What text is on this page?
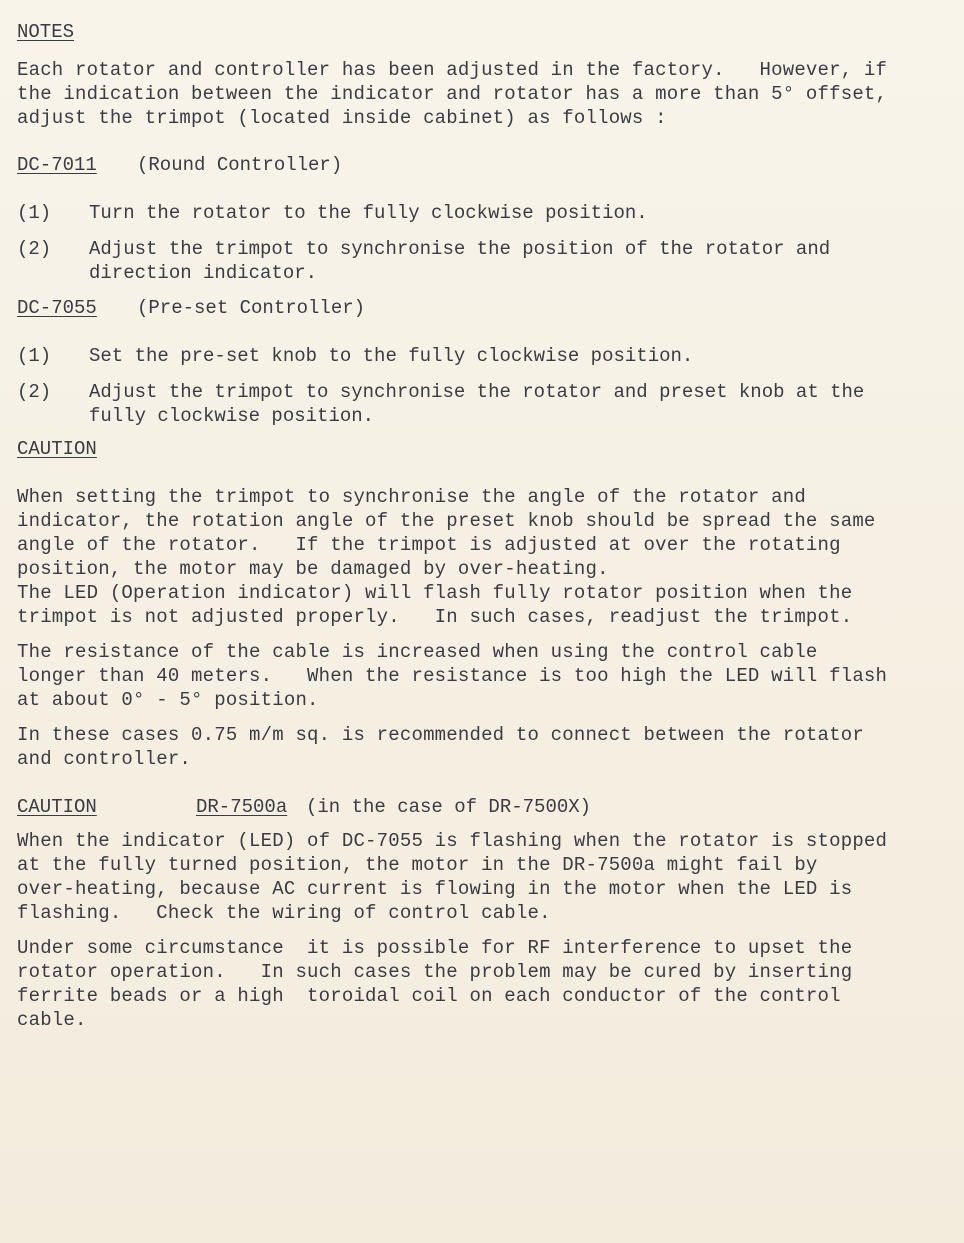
NOTES

Each rotator and controller has been adjusted in the factory.   However, if
the indication between the indicator and rotator has a more than 5° offset,
adjust the trimpot (located inside cabinet) as follows :

DC-7011 (Round Controller)
(1) Turn the rotator to the fully clockwise position.

(2) Adjust the trimpot to synchronise the position of the rotator and
direction indicator.

DC-7055 (Pre-set Controller)
(1) Set the pre-set knob to the fully clockwise position.

(2) Adjust the trimpot to synchronise the rotator and preset knob at the
fully clockwise position.

CAUTION

When setting the trimpot to synchronise the angle of the rotator and
indicator, the rotation angle of the preset knob should be spread the same
angle of the rotator.   If the trimpot is adjusted at over the rotating
position, the motor may be damaged by over-heating.
The LED (Operation indicator) will flash fully rotator position when the
trimpot is not adjusted properly.   In such cases, readjust the trimpot.

The resistance of the cable is increased when using the control cable
longer than 40 meters.   When the resistance is too high the LED will flash
at about 0° - 5° position.

In these cases 0.75 m/m sq. is recommended to connect between the rotator
and controller.

CAUTION	DR-7500a (in the case of DR-7500X)

When the indicator (LED) of DC-7055 is flashing when the rotator is stopped
at the fully turned position, the motor in the DR-7500a might fail by
over-heating, because AC current is flowing in the motor when the LED is
flashing.   Check the wiring of control cable.

Under some circumstance  it is possible for RF interference to upset the
rotator operation.   In such cases the problem may be cured by inserting
ferrite beads or a high  toroidal coil on each conductor of the control
cable.
